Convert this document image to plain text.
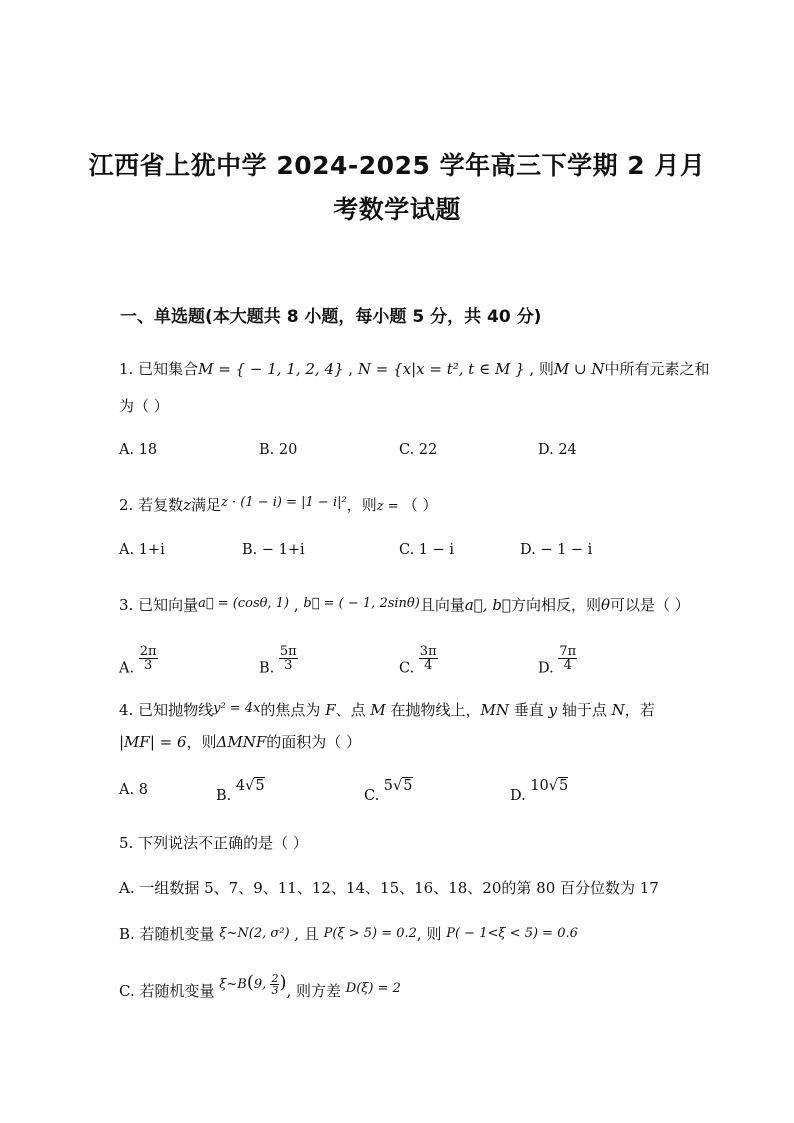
江西省上犹中学 2024-2025 学年高三下学期 2 月月
考数学试题
一、单选题(本大题共 8 小题，每小题 5 分，共 40 分)
1. 已知集合M = { − 1, 1, 2, 4} , N = {x|x = t², t ∈ M } , 则M ∪ N中所有元素之和
为（ ）
A. 18	B. 20	C. 22	D. 24
2. 若复数z满足z · (1 − i) = |1 − i|²，则z = （ ）
A. 1+i	B. − 1+i	C. 1 − i	D. − 1 − i
3. 已知向量a⃗ = (cosθ, 1) , b⃗ = ( − 1, 2sinθ)且向量a⃗, b⃗方向相反，则θ可以是（ ）
A. $\frac{2\pi}{3}$	B. $\frac{5\pi}{3}$	C. $\frac{3\pi}{4}$	D. $\frac{7\pi}{4}$
4. 已知抛物线y² = 4x的焦点为 F、点 M 在抛物线上，MN 垂直 y 轴于点 N，若
|MF| = 6，则ΔMNF的面积为（ ）
A. 8	B. 4√5
C. 5√5
D. 10√5
5. 下列说法不正确的是（ ）
A. 一组数据 5、7、9、11、12、14、15、16、18、20的第 80 百分位数为 17
B. 若随机变量 ξ~N(2, σ²) , 且 P(ξ > 5) = 0.2, 则 P( − 1<ξ < 5) = 0.6
C. 若随机变量 ξ~B(9, $\frac{2}{3}$ ), 则方差 D(ξ) = 2
